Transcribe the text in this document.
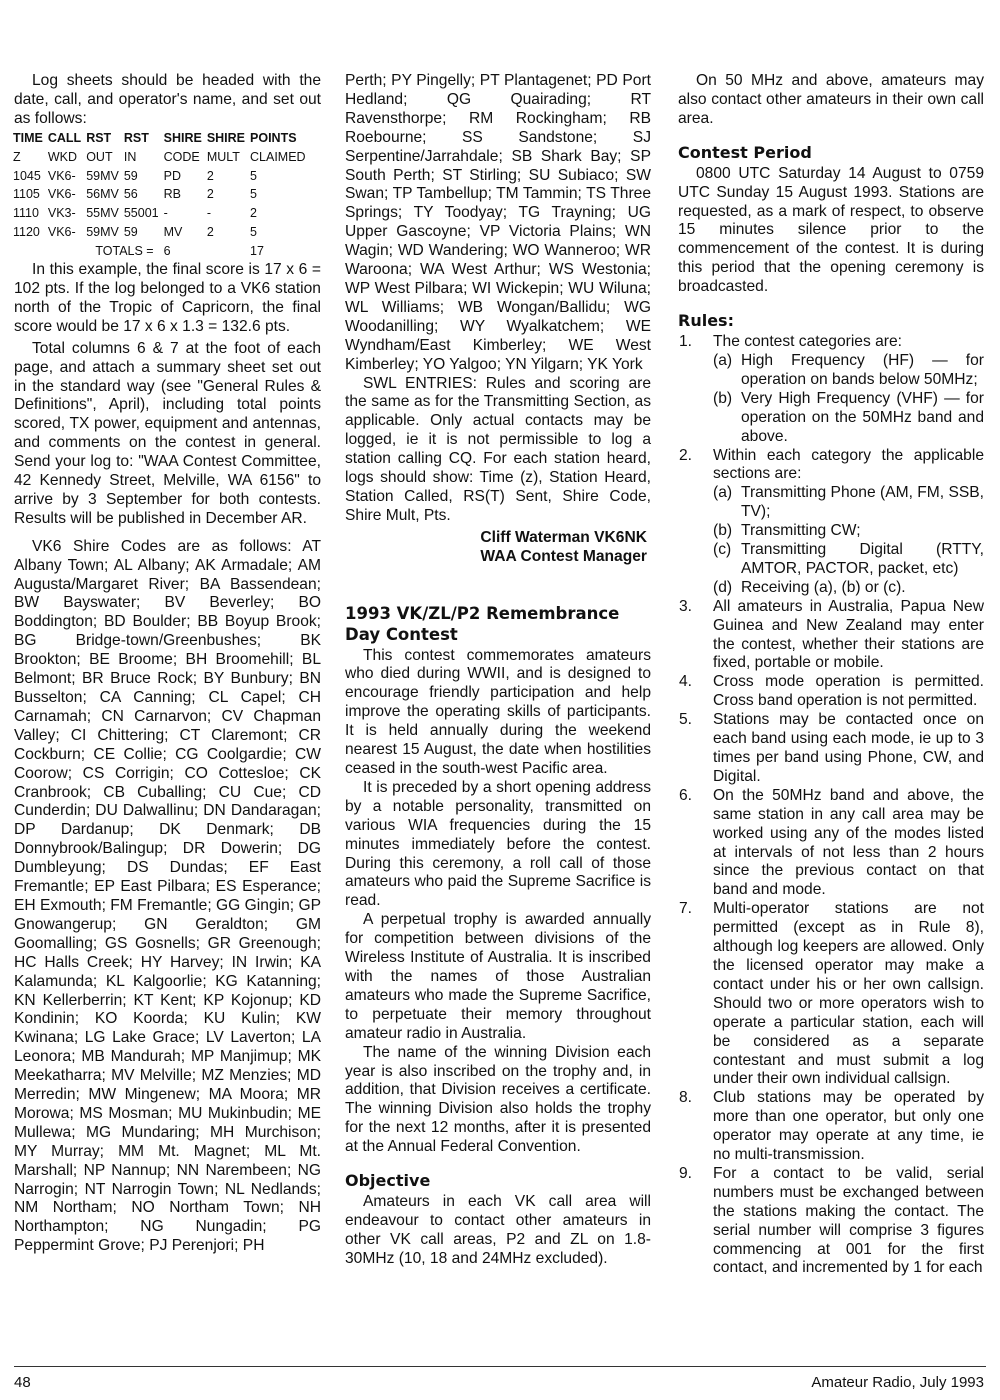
Log sheets should be headed with the date, call, and operator's name, and set out as follows:

TIME	CALL	RST	RST	SHIRE	SHIRE	POINTS
Z	WKD	OUT	IN	CODE	MULT	CLAIMED
1045	VK6-	59MV	59	PD	2	5
1105	VK6-	56MV	56	RB	2	5
1110	VK3-	55MV	55001	-	-	2
1120	VK6-	59MV	59	MV	2	5
TOTALS =				6		17

In this example, the final score is 17 x 6 = 102 pts. If the log belonged to a VK6 station north of the Tropic of Capricorn, the final score would be 17 x 6 x 1.3 = 132.6 pts.

Total columns 6 & 7 at the foot of each page, and attach a summary sheet set out in the standard way (see "General Rules & Definitions", April), including total points scored, TX power, equipment and antennas, and comments on the contest in general. Send your log to: "WAA Contest Committee, 42 Kennedy Street, Melville, WA 6156" to arrive by 3 September for both contests. Results will be published in December AR.

VK6 Shire Codes are as follows: AT Albany Town; AL Albany; AK Armadale; AM Augusta/Margaret River; BA Bassendean; BW Bayswater; BV Beverley; BO Boddington; BD Boulder; BB Boyup Brook; BG Bridge-town/Greenbushes; BK Brookton; BE Broome; BH Broomehill; BL Belmont; BR Bruce Rock; BY Bunbury; BN Busselton; CA Canning; CL Capel; CH Carnamah; CN Carnarvon; CV Chapman Valley; CI Chittering; CT Claremont; CR Cockburn; CE Collie; CG Coolgardie; CW Coorow; CS Corrigin; CO Cottesloe; CK Cranbrook; CB Cuballing; CU Cue; CD Cunderdin; DU Dalwallinu; DN Dandaragan; DP Dardanup; DK Denmark; DB Donnybrook/Balingup; DR Dowerin; DG Dumbleyung; DS Dundas; EF East Fremantle; EP East Pilbara; ES Esperance; EH Exmouth; FM Fremantle; GG Gingin; GP Gnowangerup; GN Geraldton; GM Goomalling; GS Gosnells; GR Greenough; HC Halls Creek; HY Harvey; IN Irwin; KA Kalamunda; KL Kalgoorlie; KG Katanning; KN Kellerberrin; KT Kent; KP Kojonup; KD Kondinin; KO Koorda; KU Kulin; KW Kwinana; LG Lake Grace; LV Laverton; LA Leonora; MB Mandurah; MP Manjimup; MK Meekatharra; MV Melville; MZ Menzies; MD Merredin; MW Mingenew; MA Moora; MR Morowa; MS Mosman; MU Mukinbudin; ME Mullewa; MG Mundaring; MH Murchison; MY Murray; MM Mt. Magnet; ML Mt. Marshall; NP Nannup; NN Narembeen; NG Narrogin; NT Narrogin Town; NL Nedlands; NM Northam; NO Northam Town; NH Northampton; NG Nungadin; PG Peppermint Grove; PJ Perenjori; PH

Perth; PY Pingelly; PT Plantagenet; PD Port Hedland; QG Quairading; RT Ravensthorpe; RM Rockingham; RB Roebourne; SS Sandstone; SJ Serpentine/Jarrahdale; SB Shark Bay; SP South Perth; ST Stirling; SU Subiaco; SW Swan; TP Tambellup; TM Tammin; TS Three Springs; TY Toodyay; TG Trayning; UG Upper Gascoyne; VP Victoria Plains; WN Wagin; WD Wandering; WO Wanneroo; WR Waroona; WA West Arthur; WS Westonia; WP West Pilbara; WI Wickepin; WU Wiluna; WL Williams; WB Wongan/Ballidu; WG Woodanilling; WY Wyalkatchem; WE Wyndham/East Kimberley; WE West Kimberley; YO Yalgoo; YN Yilgarn; YK York

SWL ENTRIES: Rules and scoring are the same as for the Transmitting Section, as applicable. Only actual contacts may be logged, ie it is not permissible to log a station calling CQ. For each station heard, logs should show: Time (z), Station Heard, Station Called, RS(T) Sent, Shire Code, Shire Mult, Pts.

Cliff Waterman VK6NK

WAA Contest Manager

1993 VK/ZL/P2 Remembrance Day Contest

This contest commemorates amateurs who died during WWII, and is designed to encourage friendly participation and help improve the operating skills of participants. It is held annually during the weekend nearest 15 August, the date when hostilities ceased in the south-west Pacific area.

It is preceded by a short opening address by a notable personality, transmitted on various WIA frequencies during the 15 minutes immediately before the contest. During this ceremony, a roll call of those amateurs who paid the Supreme Sacrifice is read.

A perpetual trophy is awarded annually for competition between divisions of the Wireless Institute of Australia. It is inscribed with the names of those Australian amateurs who made the Supreme Sacrifice, to perpetuate their memory throughout amateur radio in Australia.

The name of the winning Division each year is also inscribed on the trophy and, in addition, that Division receives a certificate. The winning Division also holds the trophy for the next 12 months, after it is presented at the Annual Federal Convention.

Objective

Amateurs in each VK call area will endeavour to contact other amateurs in other VK call areas, P2 and ZL on 1.8-30MHz (10, 18 and 24MHz excluded).

On 50 MHz and above, amateurs may also contact other amateurs in their own call area.

Contest Period

0800 UTC Saturday 14 August to 0759 UTC Sunday 15 August 1993. Stations are requested, as a mark of respect, to observe 15 minutes silence prior to the commencement of the contest. It is during this period that the opening ceremony is broadcasted.

Rules:
1. The contest categories are:
(a) High Frequency (HF) — for operation on bands below 50MHz;
(b) Very High Frequency (VHF) — for operation on the 50MHz band and above.
2. Within each category the applicable sections are:
(a) Transmitting Phone (AM, FM, SSB, TV);
(b) Transmitting CW;
(c) Transmitting Digital (RTTY, AMTOR, PACTOR, packet, etc)
(d) Receiving (a), (b) or (c).
3. All amateurs in Australia, Papua New Guinea and New Zealand may enter the contest, whether their stations are fixed, portable or mobile.
4. Cross mode operation is permitted. Cross band operation is not permitted.
5. Stations may be contacted once on each band using each mode, ie up to 3 times per band using Phone, CW, and Digital.
6. On the 50MHz band and above, the same station in any call area may be worked using any of the modes listed at intervals of not less than 2 hours since the previous contact on that band and mode.
7. Multi-operator stations are not permitted (except as in Rule 8), although log keepers are allowed. Only the licensed operator may make a contact under his or her own callsign. Should two or more operators wish to operate a particular station, each will be considered as a separate contestant and must submit a log under their own individual callsign.
8. Club stations may be operated by more than one operator, but only one operator may operate at any time, ie no multi-transmission.
9. For a contact to be valid, serial numbers must be exchanged between the stations making the contact. The serial number will comprise 3 figures commencing at 001 for the first contact, and incremented by 1 for each
48	Amateur Radio, July 1993
